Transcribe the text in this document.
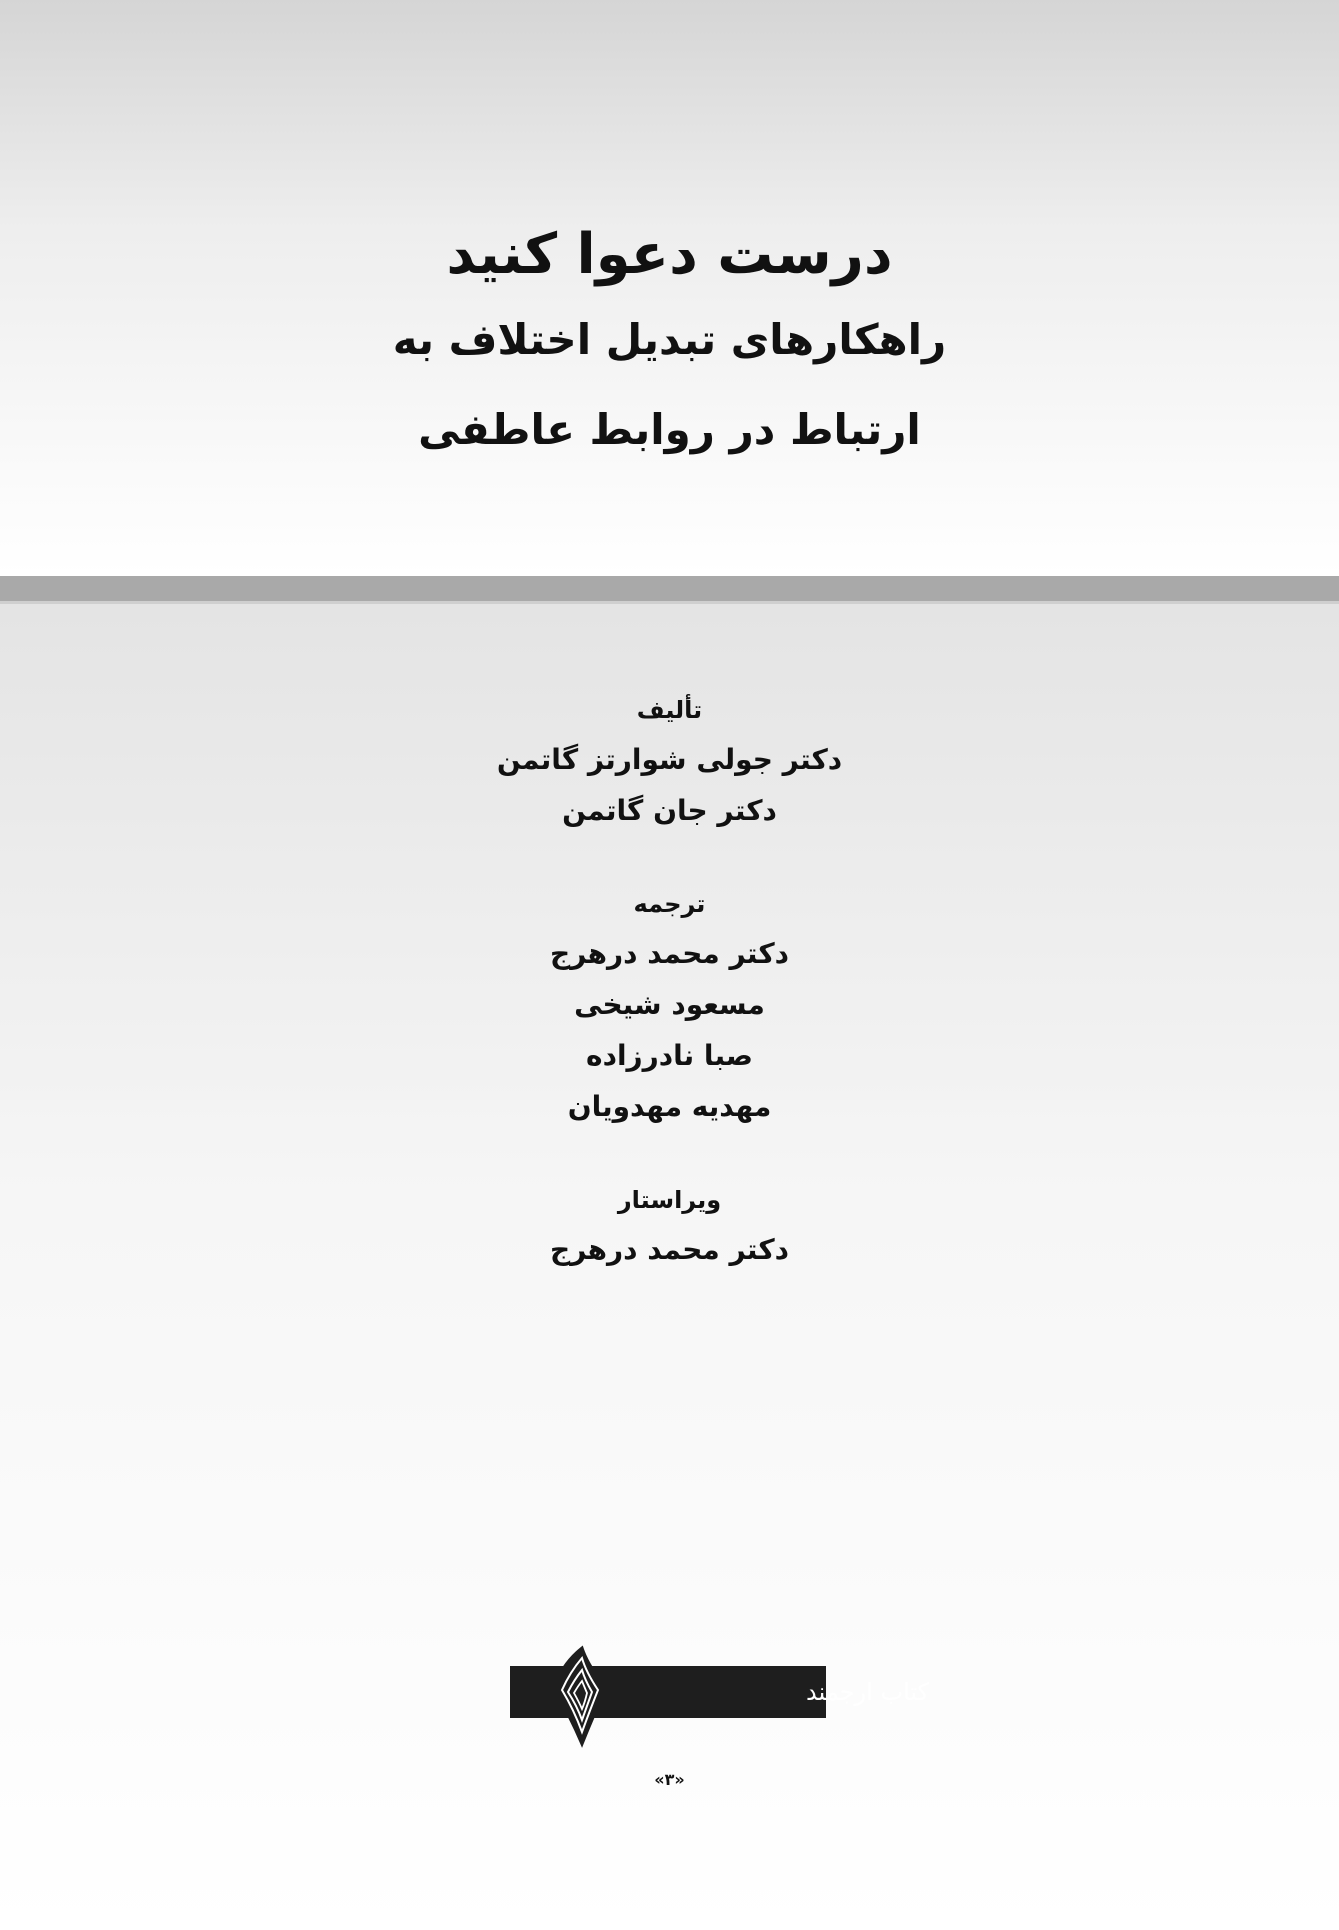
درست دعوا کنید

راهکارهای تبدیل اختلاف به

ارتباط در روابط عاطفی

تألیف

دکتر جولی شوارتز گاتمن

دکتر جان گاتمن

ترجمه

دکتر محمد درهرج

مسعود شیخی

صبا نادرزاده

مهدیه مهدویان

ویراستار

دکتر محمد درهرج

کتاب ارجمند
«۳»
